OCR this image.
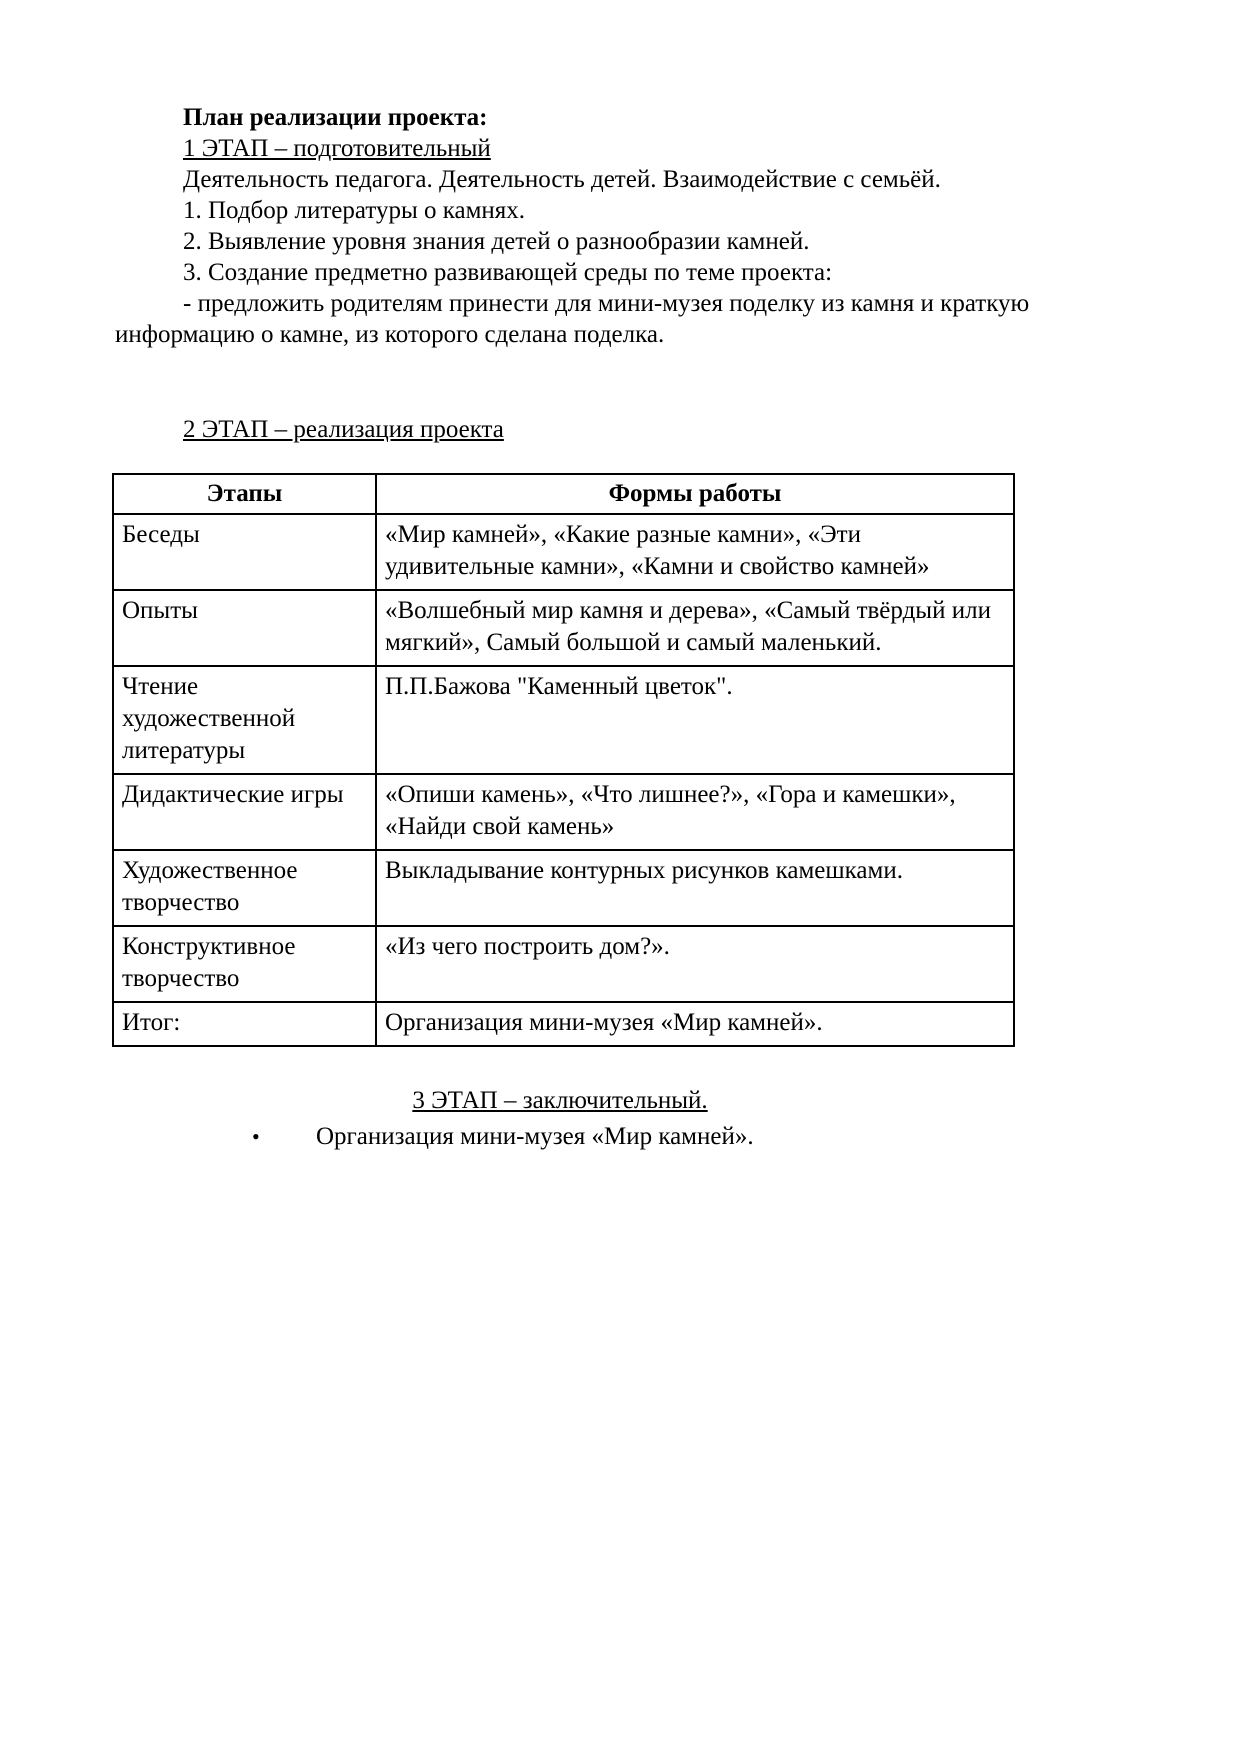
План реализации проекта:

1 ЭТАП – подготовительный

Деятельность педагога. Деятельность детей. Взаимодействие с семьёй.

1. Подбор литературы о камнях.

2. Выявление уровня знания детей о разнообразии камней.

3. Создание предметно развивающей среды по теме проекта:

- предложить родителям принести для мини-музея поделку из камня и краткую информацию о камне, из которого сделана поделка.

2 ЭТАП – реализация проекта

Этапы	Формы работы
Беседы	«Мир камней», «Какие разные камни», «Эти удивительные камни», «Камни и свойство камней»
Опыты	«Волшебный мир камня и дерева», «Самый твёрдый или мягкий», Самый большой и самый маленький.
Чтение художественной литературы	П.П.Бажова "Каменный цветок".
Дидактические игры	«Опиши камень», «Что лишнее?», «Гора и камешки», «Найди свой камень»
Художественное творчество	Выкладывание контурных рисунков камешками.
Конструктивное творчество	«Из чего построить дом?».
Итог:	Организация мини-музея «Мир камней».

3 ЭТАП – заключительный.

• Организация мини-музея «Мир камней».
